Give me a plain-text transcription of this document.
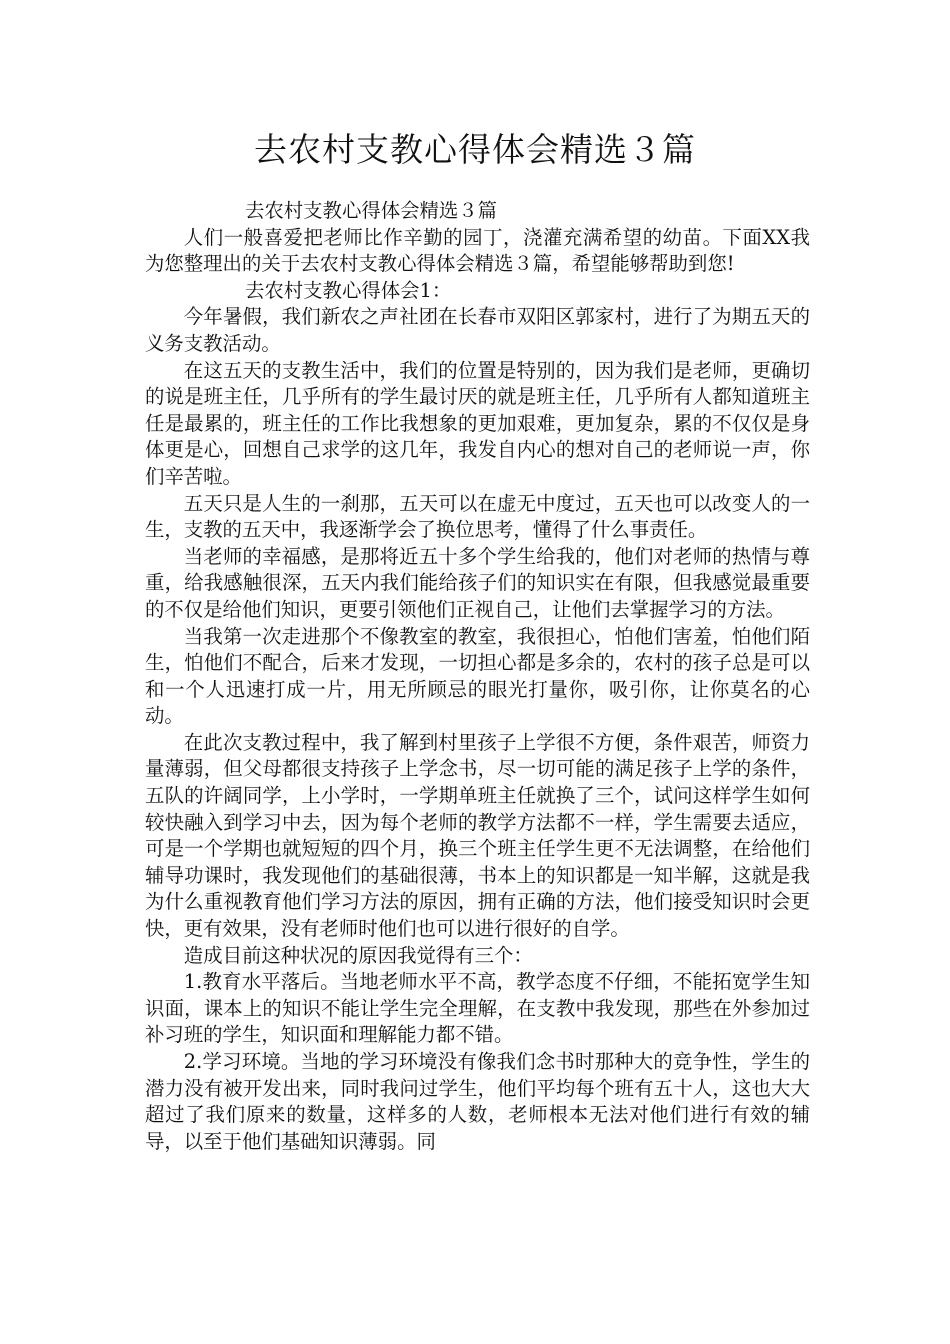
去农村支教心得体会精选３篇

去农村支教心得体会精选３篇

人们一般喜爱把老师比作辛勤的园丁，浇灌充满希望的幼苗。下面XX我为您整理出的关于去农村支教心得体会精选３篇，希望能够帮助到您!

去农村支教心得体会1：

今年暑假，我们新农之声社团在长春市双阳区郭家村，进行了为期五天的义务支教活动。

在这五天的支教生活中，我们的位置是特别的，因为我们是老师，更确切的说是班主任，几乎所有的学生最讨厌的就是班主任，几乎所有人都知道班主任是最累的，班主任的工作比我想象的更加艰难，更加复杂，累的不仅仅是身体更是心，回想自己求学的这几年，我发自内心的想对自己的老师说一声，你们辛苦啦。

五天只是人生的一刹那，五天可以在虚无中度过，五天也可以改变人的一生，支教的五天中，我逐渐学会了换位思考，懂得了什么事责任。

当老师的幸福感，是那将近五十多个学生给我的，他们对老师的热情与尊重，给我感触很深，五天内我们能给孩子们的知识实在有限，但我感觉最重要的不仅是给他们知识，更要引领他们正视自己，让他们去掌握学习的方法。

当我第一次走进那个不像教室的教室，我很担心，怕他们害羞，怕他们陌生，怕他们不配合，后来才发现，一切担心都是多余的，农村的孩子总是可以和一个人迅速打成一片，用无所顾忌的眼光打量你，吸引你，让你莫名的心动。

在此次支教过程中，我了解到村里孩子上学很不方便，条件艰苦，师资力量薄弱，但父母都很支持孩子上学念书，尽一切可能的满足孩子上学的条件，五队的许阔同学，上小学时，一学期单班主任就换了三个，试问这样学生如何较快融入到学习中去，因为每个老师的教学方法都不一样，学生需要去适应，可是一个学期也就短短的四个月，换三个班主任学生更不无法调整，在给他们辅导功课时，我发现他们的基础很薄，书本上的知识都是一知半解，这就是我为什么重视教育他们学习方法的原因，拥有正确的方法，他们接受知识时会更快，更有效果，没有老师时他们也可以进行很好的自学。

造成目前这种状况的原因我觉得有三个：

1.教育水平落后。当地老师水平不高，教学态度不仔细，不能拓宽学生知识面，课本上的知识不能让学生完全理解，在支教中我发现，那些在外参加过补习班的学生，知识面和理解能力都不错。

2.学习环境。当地的学习环境没有像我们念书时那种大的竞争性，学生的潜力没有被开发出来，同时我问过学生，他们平均每个班有五十人，这也大大超过了我们原来的数量，这样多的人数，老师根本无法对他们进行有效的辅导，以至于他们基础知识薄弱。同
